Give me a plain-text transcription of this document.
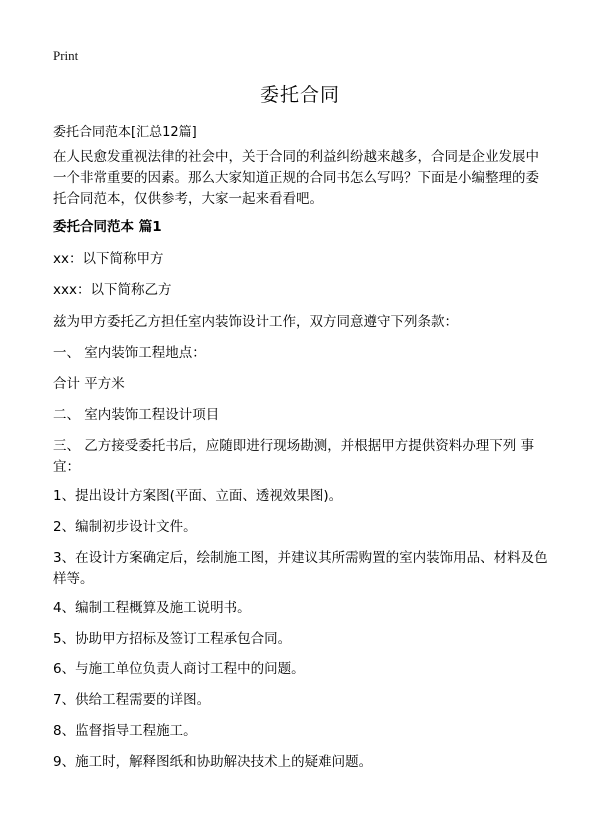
Print
委托合同
委托合同范本[汇总12篇]
在人民愈发重视法律的社会中，关于合同的利益纠纷越来越多，合同是企业发展中一个非常重要的因素。那么大家知道正规的合同书怎么写吗？下面是小编整理的委托合同范本，仅供参考，大家一起来看看吧。
委托合同范本 篇1
xx：以下简称甲方
xxx：以下简称乙方
兹为甲方委托乙方担任室内装饰设计工作，双方同意遵守下列条款：
一、 室内装饰工程地点：
合计 平方米
二、 室内装饰工程设计项目
三、 乙方接受委托书后，应随即进行现场勘测，并根据甲方提供资料办理下列 事宜：
1、提出设计方案图(平面、立面、透视效果图)。
2、编制初步设计文件。
3、在设计方案确定后，绘制施工图，并建议其所需购置的室内装饰用品、材料及色样等。
4、编制工程概算及施工说明书。
5、协助甲方招标及签订工程承包合同。
6、与施工单位负责人商讨工程中的问题。
7、供给工程需要的详图。
8、监督指导工程施工。
9、施工时，解释图纸和协助解决技术上的疑难问题。
